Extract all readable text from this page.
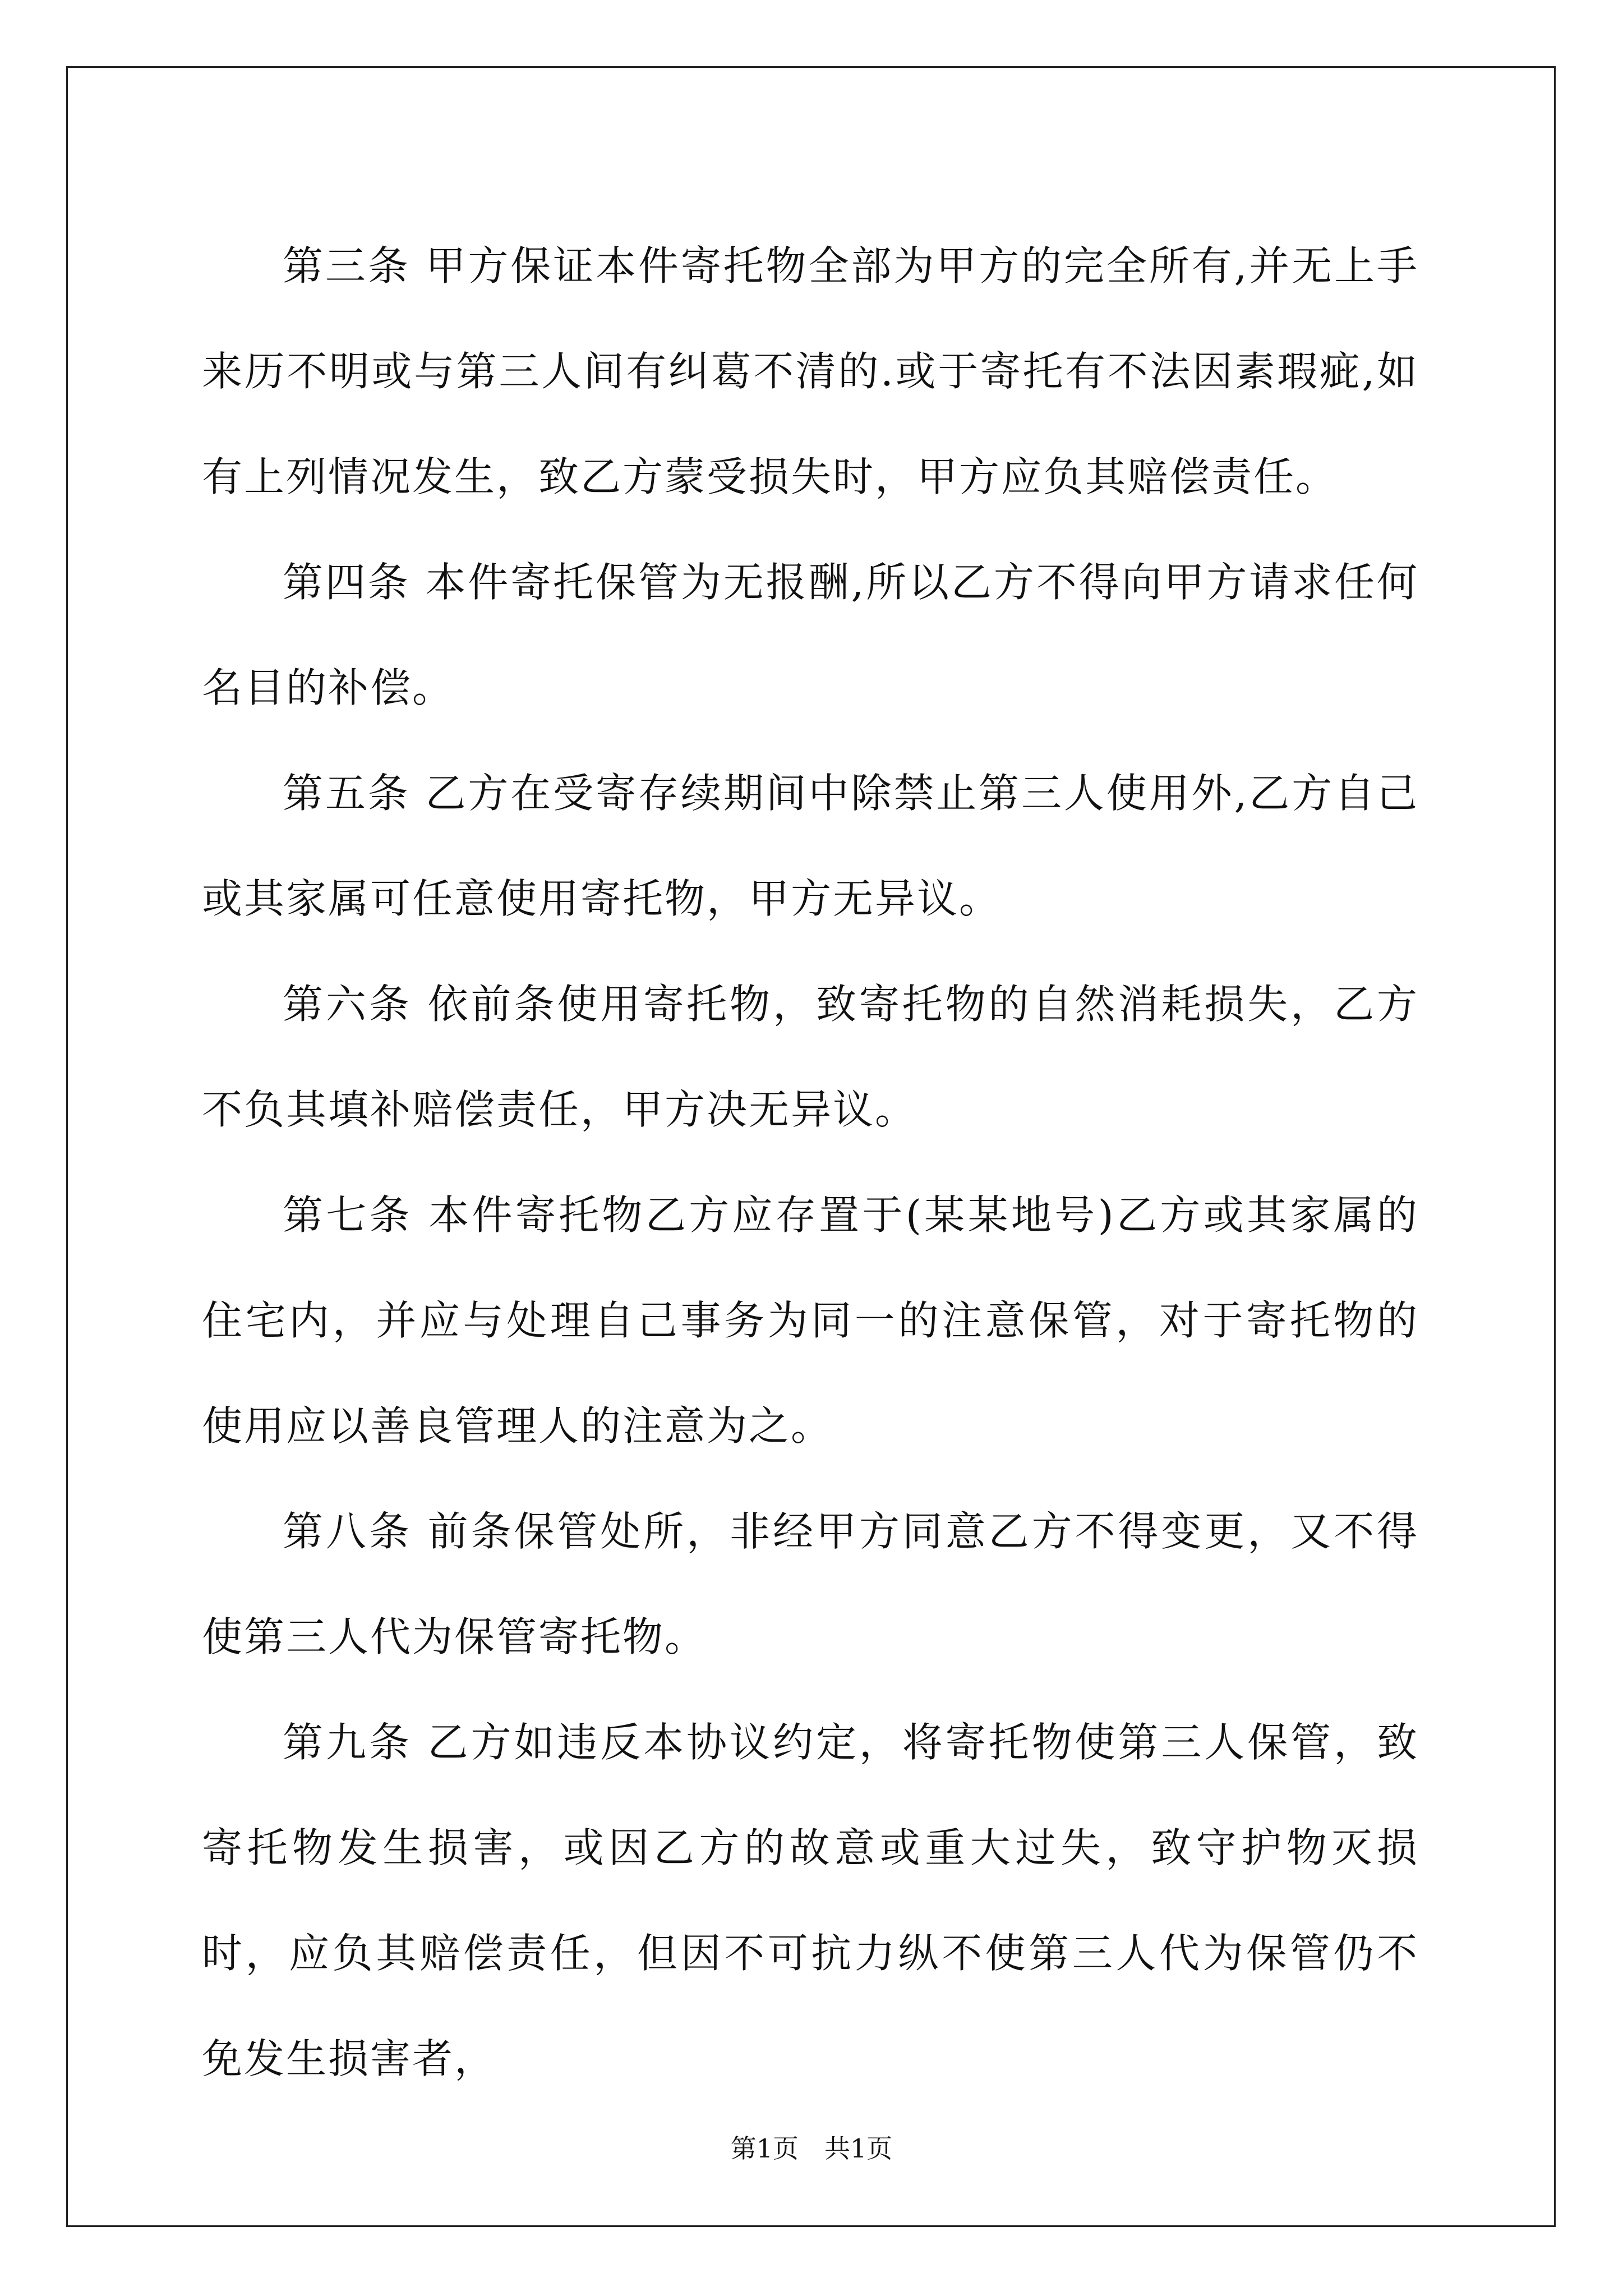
第三条 甲方保证本件寄托物全部为甲方的完全所有,并无上手来历不明或与第三人间有纠葛不清的.或于寄托有不法因素瑕疵,如有上列情况发生，致乙方蒙受损失时，甲方应负其赔偿责任。

第四条 本件寄托保管为无报酬,所以乙方不得向甲方请求任何名目的补偿。

第五条 乙方在受寄存续期间中除禁止第三人使用外,乙方自己或其家属可任意使用寄托物，甲方无异议。

第六条 依前条使用寄托物，致寄托物的自然消耗损失，乙方不负其填补赔偿责任，甲方决无异议。

第七条 本件寄托物乙方应存置于(某某地号)乙方或其家属的住宅内，并应与处理自己事务为同一的注意保管，对于寄托物的使用应以善良管理人的注意为之。

第八条 前条保管处所，非经甲方同意乙方不得变更，又不得使第三人代为保管寄托物。

第九条 乙方如违反本协议约定，将寄托物使第三人保管，致寄托物发生损害，或因乙方的故意或重大过失，致守护物灭损时，应负其赔偿责任，但因不可抗力纵不使第三人代为保管仍不免发生损害者，

第1页　共1页
